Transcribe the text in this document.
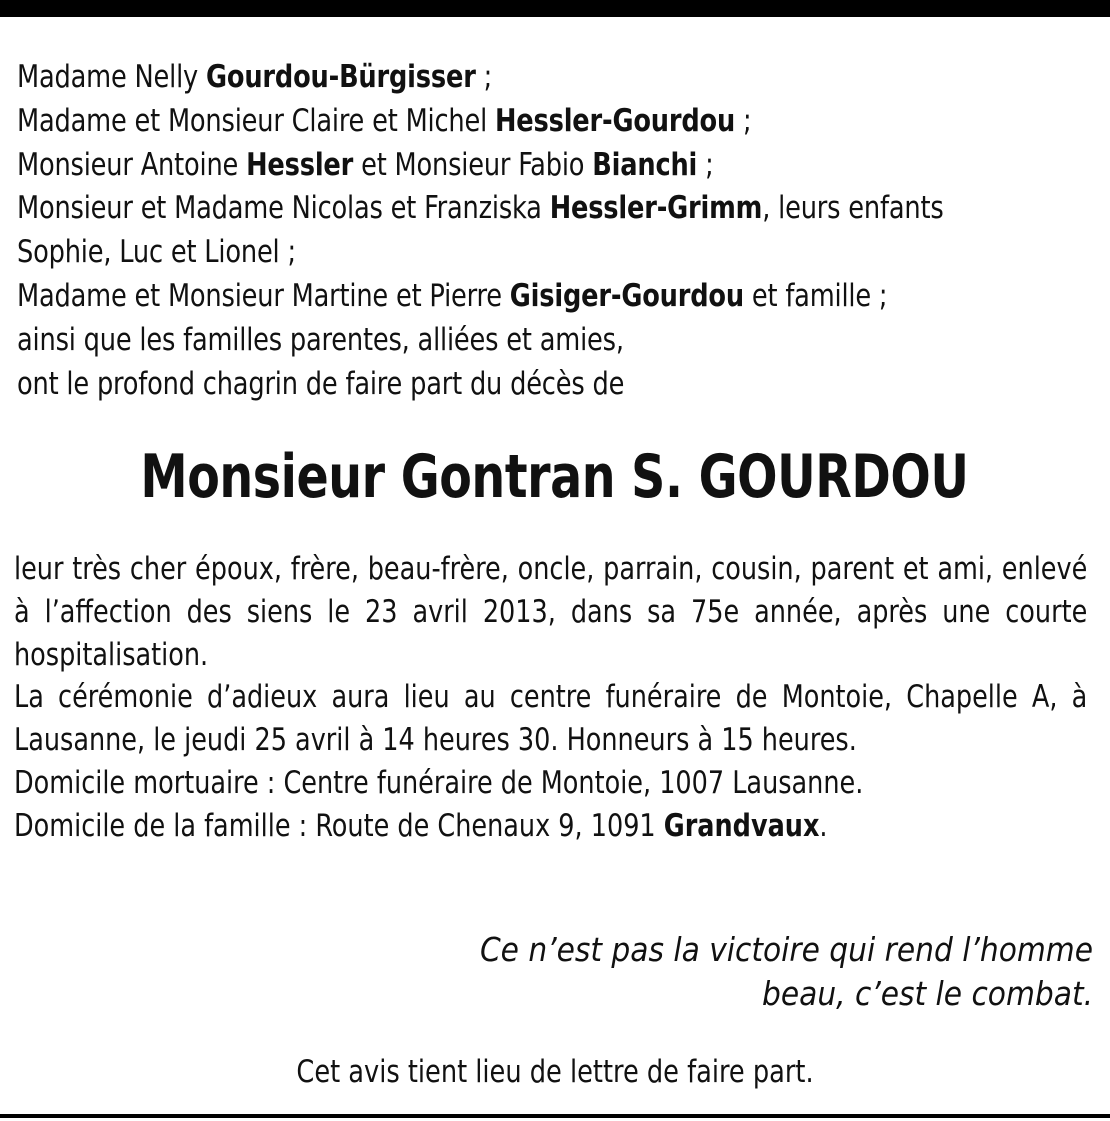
Madame Nelly Gourdou-Bürgisser ;
Madame et Monsieur Claire et Michel Hessler-Gourdou ;
Monsieur Antoine Hessler et Monsieur Fabio Bianchi ;
Monsieur et Madame Nicolas et Franziska Hessler-Grimm, leurs enfants
Sophie, Luc et Lionel ;
Madame et Monsieur Martine et Pierre Gisiger-Gourdou et famille ;
ainsi que les familles parentes, alliées et amies,
ont le profond chagrin de faire part du décès de
Monsieur Gontran S. GOURDOU

leur très cher époux, frère, beau-frère, oncle, parrain, cousin, parent et ami, enlevé à l’affection des siens le 23 avril 2013, dans sa 75e année, après une courte hospitalisation.

La cérémonie d’adieux aura lieu au centre funéraire de Montoie, Chapelle A, à Lausanne, le jeudi 25 avril à 14 heures 30. Honneurs à 15 heures.

Domicile mortuaire : Centre funéraire de Montoie, 1007 Lausanne.

Domicile de la famille : Route de Chenaux 9, 1091 Grandvaux.

Ce n’est pas la victoire qui rend l’homme
beau, c’est le combat.
Cet avis tient lieu de lettre de faire part.
